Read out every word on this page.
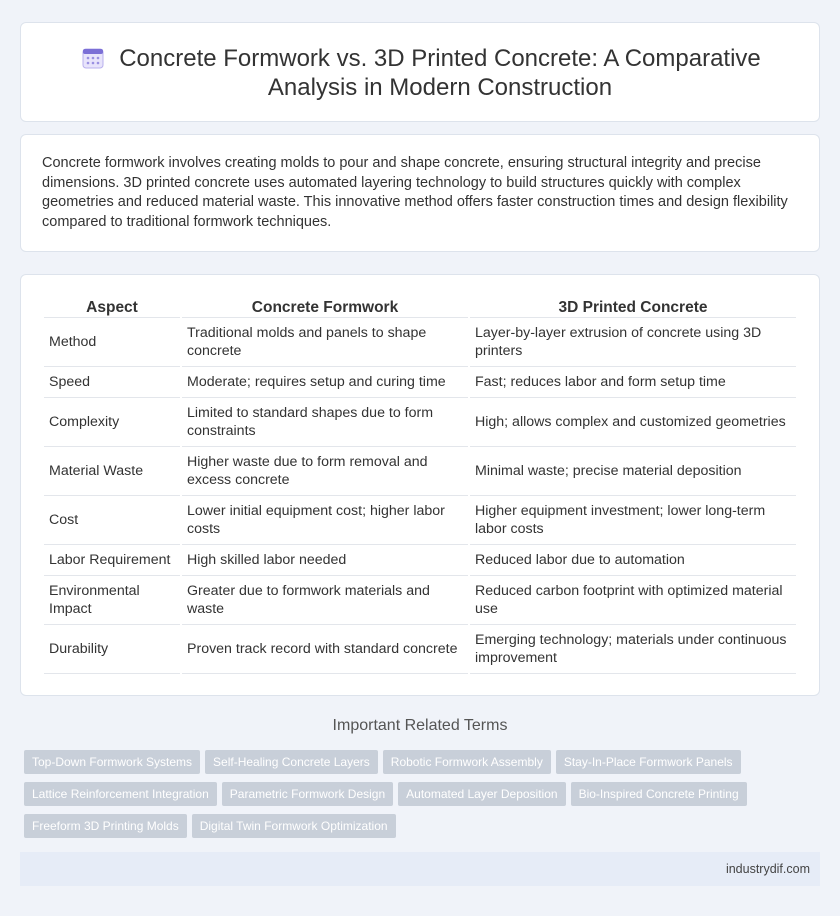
Concrete Formwork vs. 3D Printed Concrete: A Comparative Analysis in Modern Construction

Concrete formwork involves creating molds to pour and shape concrete, ensuring structural integrity and precise dimensions. 3D printed concrete uses automated layering technology to build structures quickly with complex geometries and reduced material waste. This innovative method offers faster construction times and design flexibility compared to traditional formwork techniques.

Aspect	Concrete Formwork	3D Printed Concrete
Method	Traditional molds and panels to shape concrete	Layer-by-layer extrusion of concrete using 3D printers
Speed	Moderate; requires setup and curing time	Fast; reduces labor and form setup time
Complexity	Limited to standard shapes due to form constraints	High; allows complex and customized geometries
Material Waste	Higher waste due to form removal and excess concrete	Minimal waste; precise material deposition
Cost	Lower initial equipment cost; higher labor costs	Higher equipment investment; lower long-term labor costs
Labor Requirement	High skilled labor needed	Reduced labor due to automation
Environmental Impact	Greater due to formwork materials and waste	Reduced carbon footprint with optimized material use
Durability	Proven track record with standard concrete	Emerging technology; materials under continuous improvement
Important Related Terms
Top-Down Formwork Systems Self-Healing Concrete Layers Robotic Formwork Assembly Stay-In-Place Formwork Panels
Lattice Reinforcement Integration Parametric Formwork Design Automated Layer Deposition Bio-Inspired Concrete Printing
Freeform 3D Printing Molds Digital Twin Formwork Optimization
industrydif.com
